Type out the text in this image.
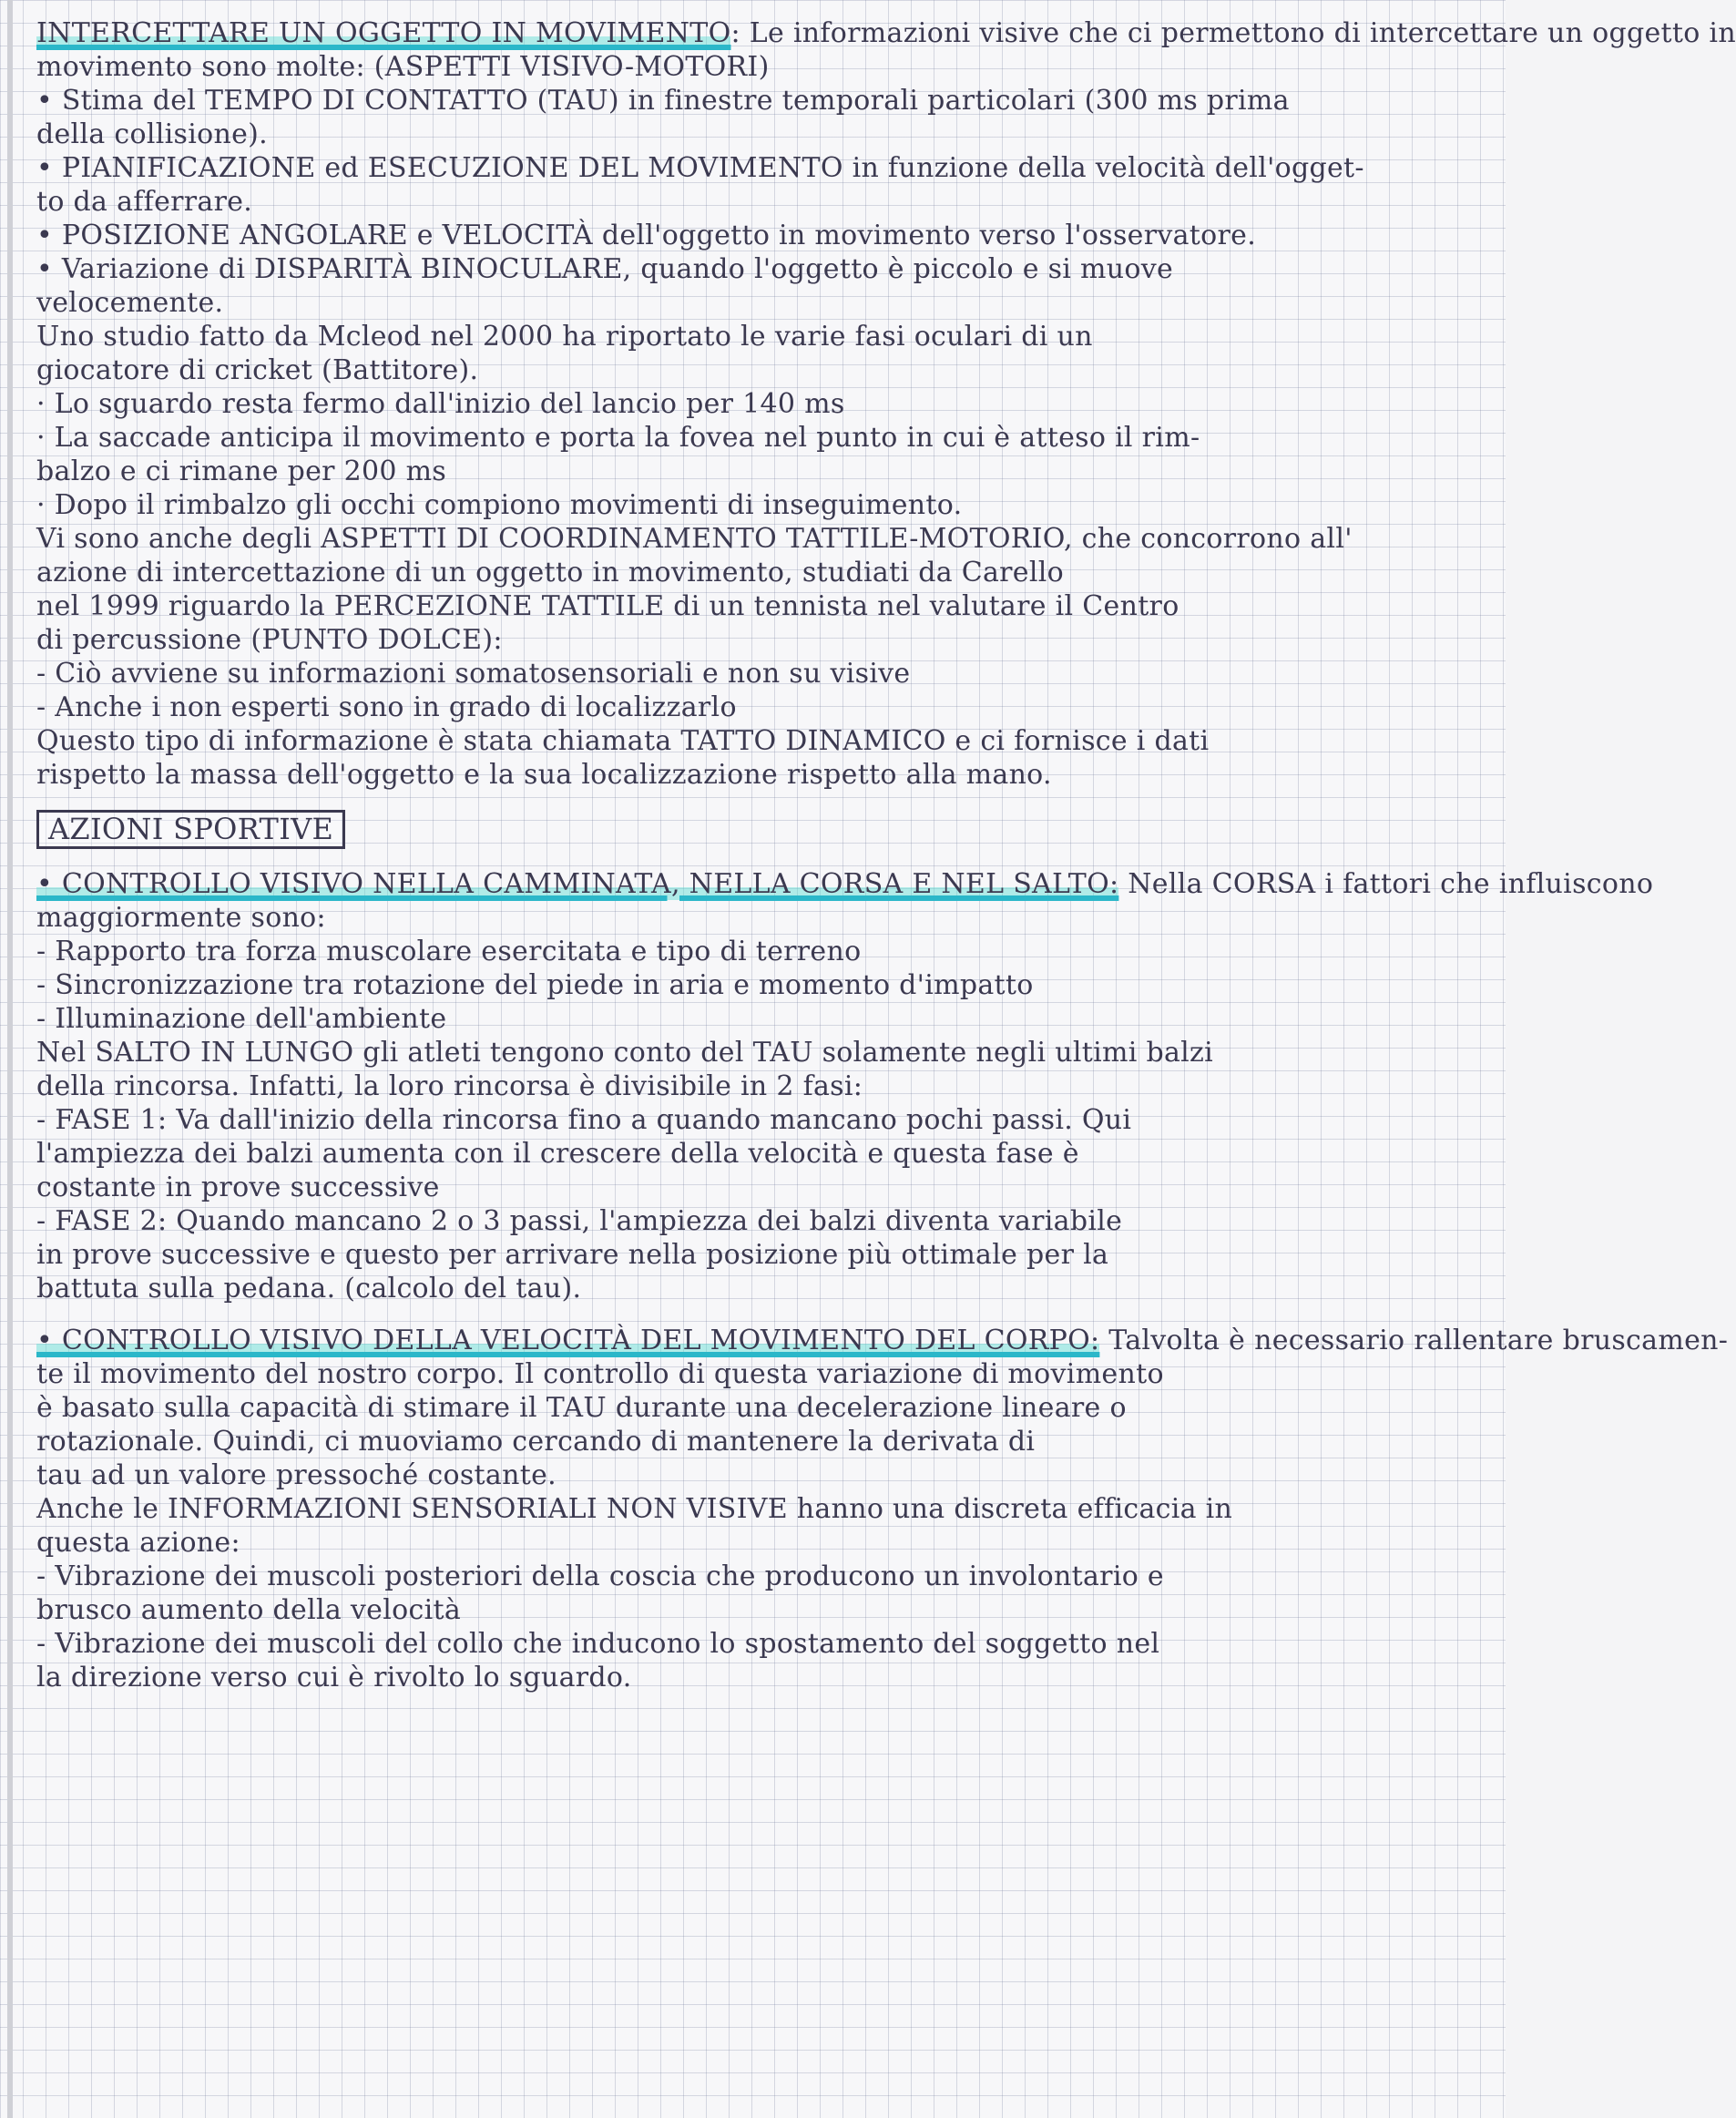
INTERCETTARE UN OGGETTO IN MOVIMENTO: Le informazioni visive che ci permettono di intercettare un oggetto in
movimento sono molte: (ASPETTI VISIVO-MOTORI)
• Stima del TEMPO DI CONTATTO (TAU) in finestre temporali particolari (300 ms prima
della collisione).
• PIANIFICAZIONE ed ESECUZIONE DEL MOVIMENTO in funzione della velocità dell'ogget-
to da afferrare.
• POSIZIONE ANGOLARE e VELOCITÀ dell'oggetto in movimento verso l'osservatore.
• Variazione di DISPARITÀ BINOCULARE, quando l'oggetto è piccolo e si muove
velocemente.
Uno studio fatto da Mcleod nel 2000 ha riportato le varie fasi oculari di un
giocatore di cricket (Battitore).
· Lo sguardo resta fermo dall'inizio del lancio per 140 ms
· La saccade anticipa il movimento e porta la fovea nel punto in cui è atteso il rim-
balzo e ci rimane per 200 ms
· Dopo il rimbalzo gli occhi compiono movimenti di inseguimento.
Vi sono anche degli ASPETTI DI COORDINAMENTO TATTILE-MOTORIO, che concorrono all'
azione di intercettazione di un oggetto in movimento, studiati da Carello
nel 1999 riguardo la PERCEZIONE TATTILE di un tennista nel valutare il Centro
di percussione (PUNTO DOLCE):
- Ciò avviene su informazioni somatosensoriali e non su visive
- Anche i non esperti sono in grado di localizzarlo
Questo tipo di informazione è stata chiamata TATTO DINAMICO e ci fornisce i dati
rispetto la massa dell'oggetto e la sua localizzazione rispetto alla mano.
AZIONI SPORTIVE
• CONTROLLO VISIVO NELLA CAMMINATA, NELLA CORSA E NEL SALTO: Nella CORSA i fattori che influiscono
maggiormente sono:
- Rapporto tra forza muscolare esercitata e tipo di terreno
- Sincronizzazione tra rotazione del piede in aria e momento d'impatto
- Illuminazione dell'ambiente
Nel SALTO IN LUNGO gli atleti tengono conto del TAU solamente negli ultimi balzi
della rincorsa. Infatti, la loro rincorsa è divisibile in 2 fasi:
- FASE 1: Va dall'inizio della rincorsa fino a quando mancano pochi passi. Qui
l'ampiezza dei balzi aumenta con il crescere della velocità e questa fase è
costante in prove successive
- FASE 2: Quando mancano 2 o 3 passi, l'ampiezza dei balzi diventa variabile
in prove successive e questo per arrivare nella posizione più ottimale per la
battuta sulla pedana. (calcolo del tau).
• CONTROLLO VISIVO DELLA VELOCITÀ DEL MOVIMENTO DEL CORPO: Talvolta è necessario rallentare bruscamen-
te il movimento del nostro corpo. Il controllo di questa variazione di movimento
è basato sulla capacità di stimare il TAU durante una decelerazione lineare o
rotazionale. Quindi, ci muoviamo cercando di mantenere la derivata di
tau ad un valore pressoché costante.
Anche le INFORMAZIONI SENSORIALI NON VISIVE hanno una discreta efficacia in
questa azione:
- Vibrazione dei muscoli posteriori della coscia che producono un involontario e
brusco aumento della velocità
- Vibrazione dei muscoli del collo che inducono lo spostamento del soggetto nel
la direzione verso cui è rivolto lo sguardo.
